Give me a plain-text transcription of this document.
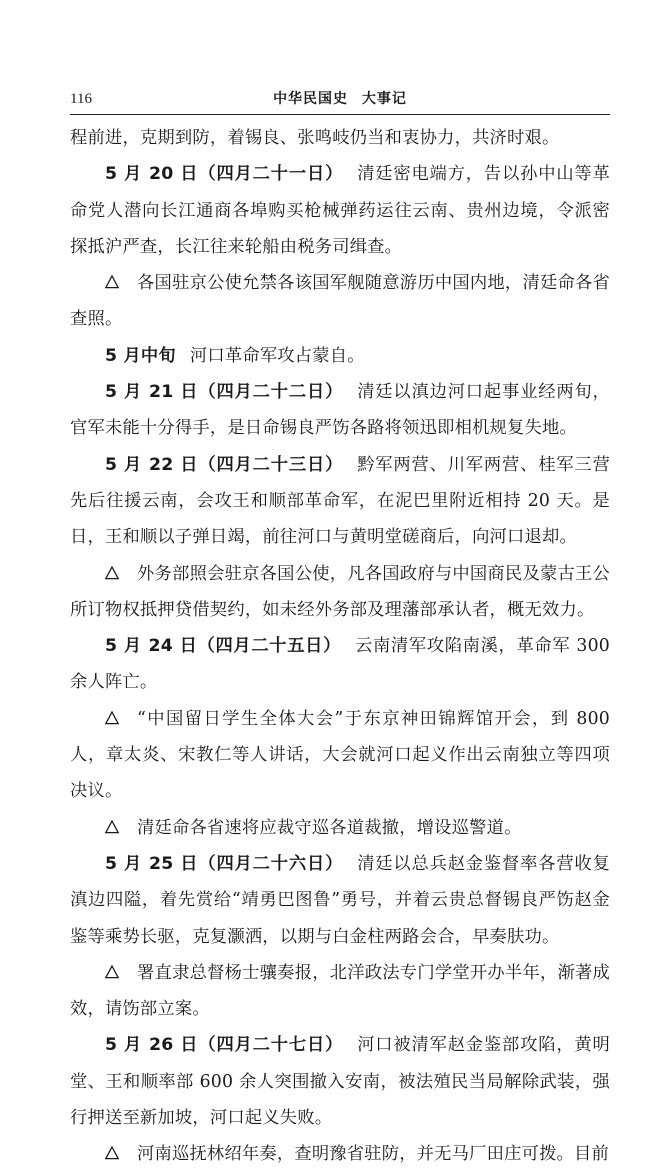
116	中华民国史 大事记

程前进，克期到防，着锡良、张鸣岐仍当和衷协力，共济时艰。

5 月 20 日（四月二十一日） 清廷密电端方，告以孙中山等革命党人潜向长江通商各埠购买枪械弹药运往云南、贵州边境，令派密探抵沪严查，长江往来轮船由税务司缉查。

各国驻京公使允禁各该国军舰随意游历中国内地，清廷命各省查照。

5 月中旬 河口革命军攻占蒙自。

5 月 21 日（四月二十二日） 清廷以滇边河口起事业经两旬，官军未能十分得手，是日命锡良严饬各路将领迅即相机规复失地。

5 月 22 日（四月二十三日） 黔军两营、川军两营、桂军三营先后往援云南，会攻王和顺部革命军，在泥巴里附近相持 20 天。是日，王和顺以子弹日竭，前往河口与黄明堂磋商后，向河口退却。

外务部照会驻京各国公使，凡各国政府与中国商民及蒙古王公所订物权抵押贷借契约，如未经外务部及理藩部承认者，概无效力。

5 月 24 日（四月二十五日） 云南清军攻陷南溪，革命军 300 余人阵亡。

“中国留日学生全体大会”于东京神田锦辉馆开会，到 800 人，章太炎、宋教仁等人讲话，大会就河口起义作出云南独立等四项决议。

清廷命各省速将应裁守巡各道裁撤，增设巡警道。

5 月 25 日（四月二十六日） 清廷以总兵赵金鉴督率各营收复滇边四隘，着先赏给“靖勇巴图鲁”勇号，并着云贵总督锡良严饬赵金鉴等乘势长驱，克复灏洒，以期与白金柱两路会合，早奏肤功。

署直隶总督杨士骧奏报，北洋政法专门学堂开办半年，渐著成效，请饬部立案。

5 月 26 日（四月二十七日） 河口被清军赵金鉴部攻陷，黄明堂、王和顺率部 600 余人突围撤入安南，被法殖民当局解除武装，强行押送至新加坡，河口起义失败。

河南巡抚林绍年奏，查明豫省驻防，并无马厂田庄可拨。目前
